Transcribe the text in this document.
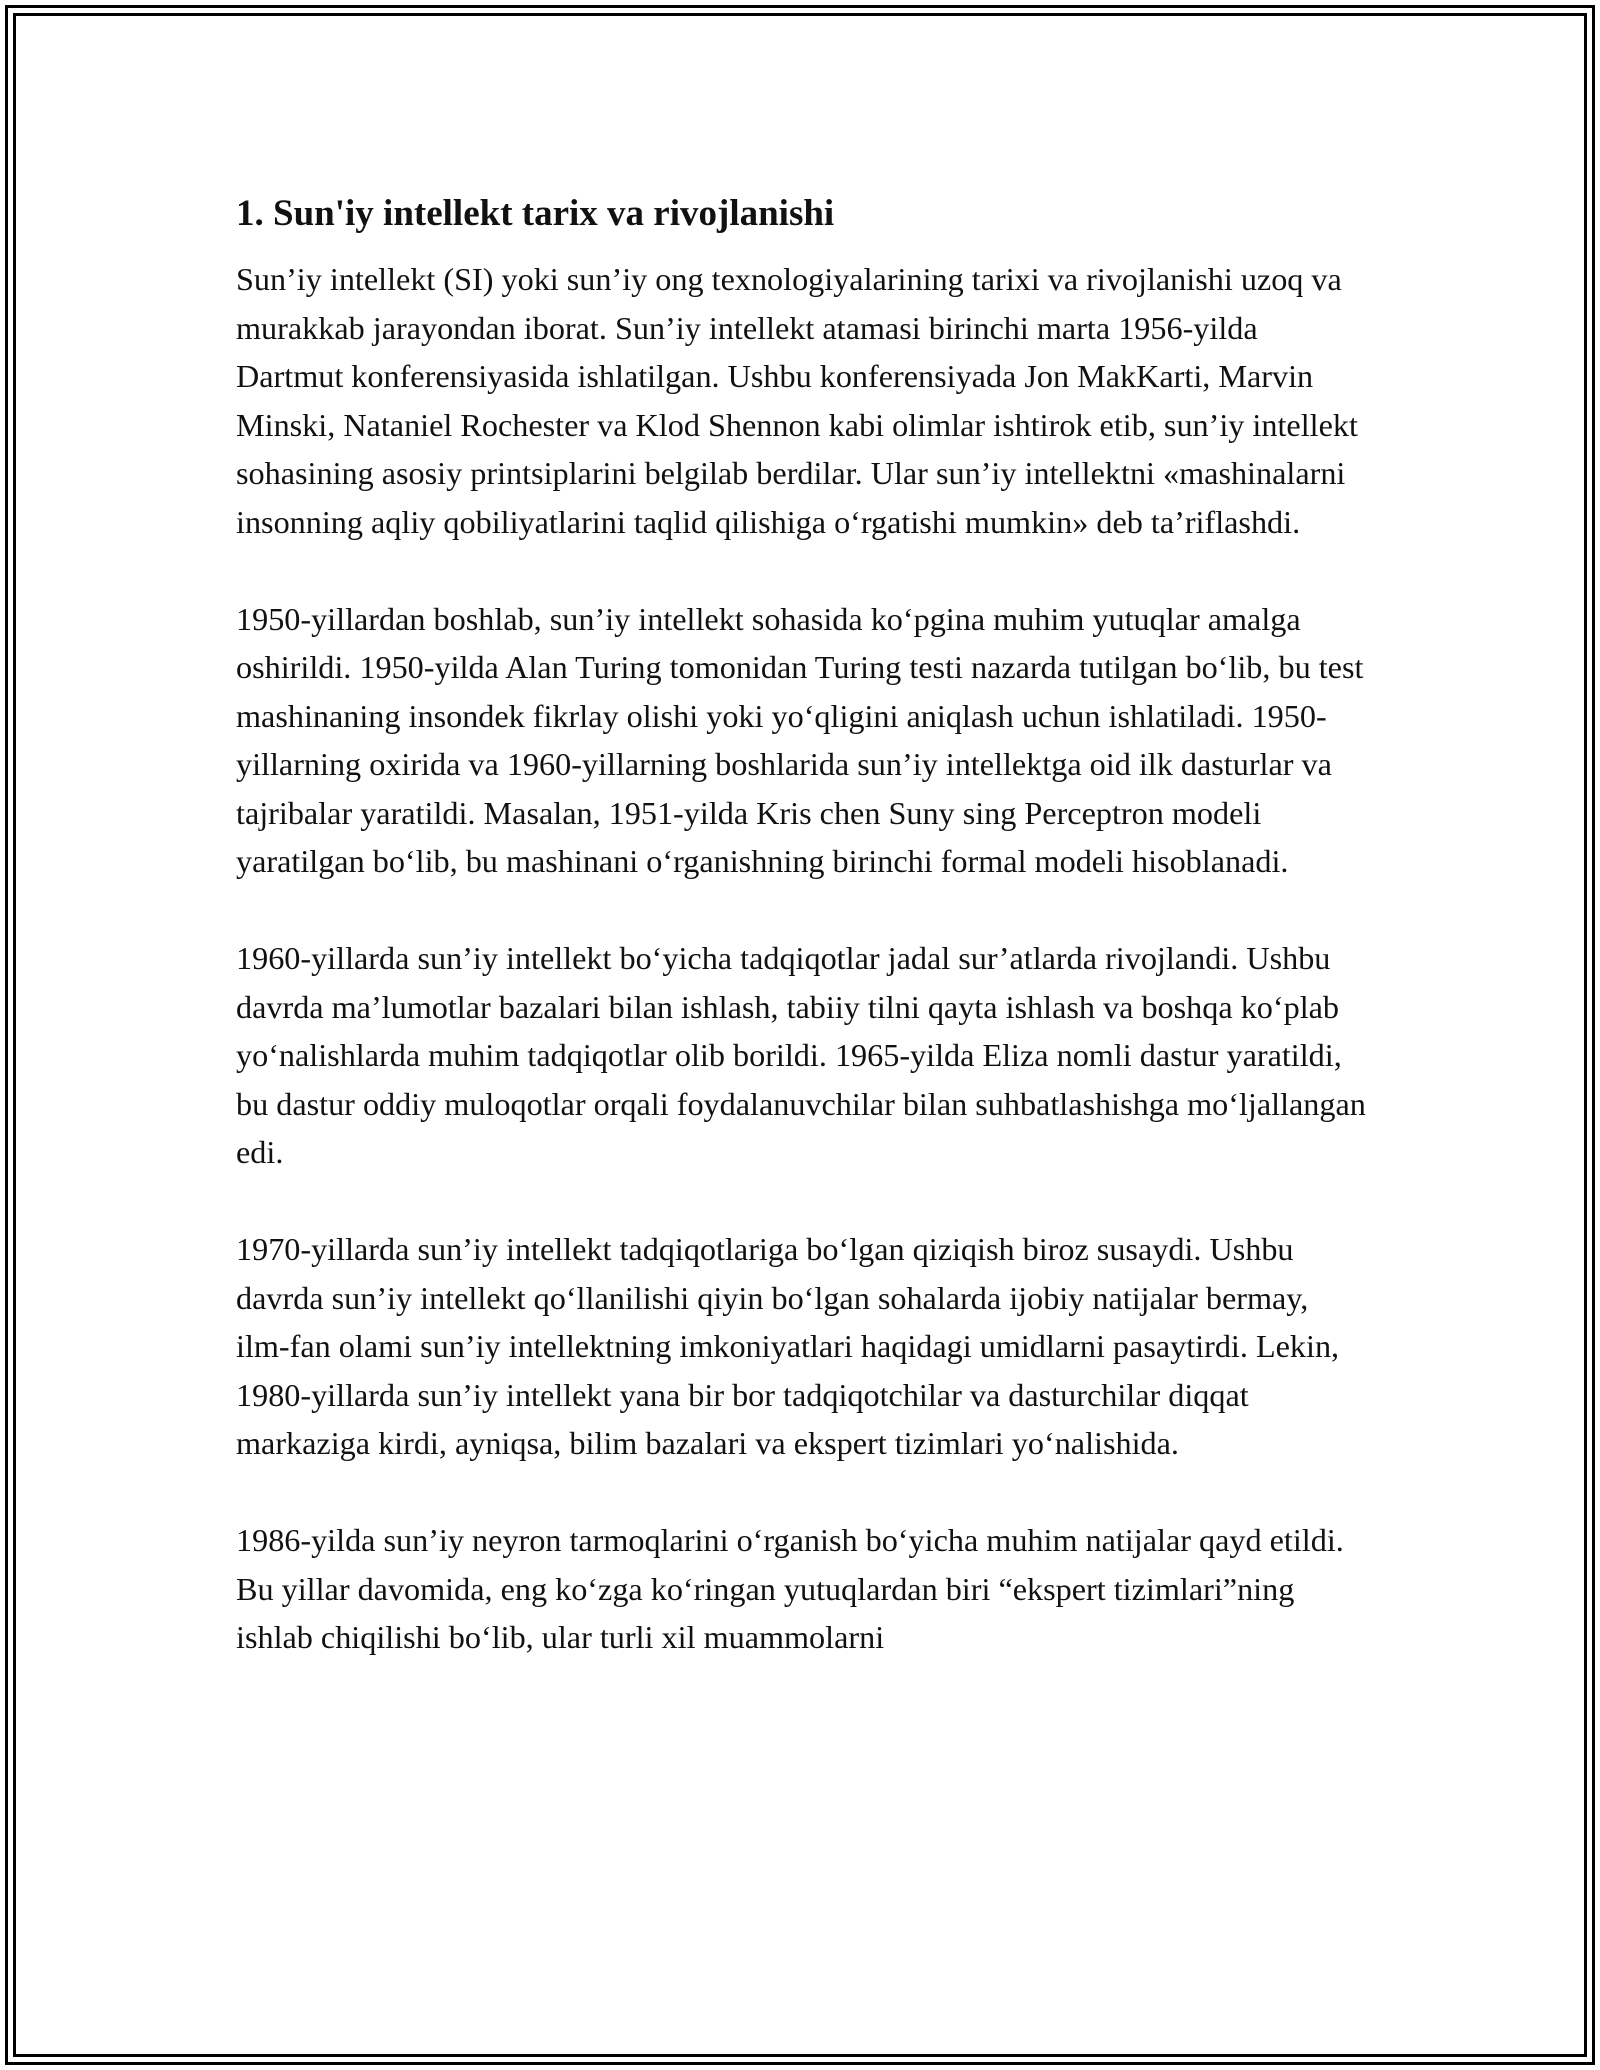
1. Sun'iy intellekt tarix va rivojlanishi

Sun’iy intellekt (SI) yoki sun’iy ong texnologiyalarining tarixi va rivojlanishi uzoq va murakkab jarayondan iborat. Sun’iy intellekt atamasi birinchi marta 1956-yilda Dartmut konferensiyasida ishlatilgan. Ushbu konferensiyada Jon MakKarti, Marvin Minski, Nataniel Rochester va Klod Shennon kabi olimlar ishtirok etib, sun’iy intellekt sohasining asosiy printsiplarini belgilab berdilar. Ular sun’iy intellektni «mashinalarni insonning aqliy qobiliyatlarini taqlid qilishiga o‘rgatishi mumkin» deb ta’riflashdi.

1950-yillardan boshlab, sun’iy intellekt sohasida ko‘pgina muhim yutuqlar amalga oshirildi. 1950-yilda Alan Turing tomonidan Turing testi nazarda tutilgan bo‘lib, bu test mashinaning insondek fikrlay olishi yoki yo‘qligini aniqlash uchun ishlatiladi. 1950-yillarning oxirida va 1960-yillarning boshlarida sun’iy intellektga oid ilk dasturlar va tajribalar yaratildi. Masalan, 1951-yilda Kris chen Suny sing Perceptron modeli yaratilgan bo‘lib, bu mashinani o‘rganishning birinchi formal modeli hisoblanadi.

1960-yillarda sun’iy intellekt bo‘yicha tadqiqotlar jadal sur’atlarda rivojlandi. Ushbu davrda ma’lumotlar bazalari bilan ishlash, tabiiy tilni qayta ishlash va boshqa ko‘plab yo‘nalishlarda muhim tadqiqotlar olib borildi. 1965-yilda Eliza nomli dastur yaratildi, bu dastur oddiy muloqotlar orqali foydalanuvchilar bilan suhbatlashishga mo‘ljallangan edi.

1970-yillarda sun’iy intellekt tadqiqotlariga bo‘lgan qiziqish biroz susaydi. Ushbu davrda sun’iy intellekt qo‘llanilishi qiyin bo‘lgan sohalarda ijobiy natijalar bermay, ilm-fan olami sun’iy intellektning imkoniyatlari haqidagi umidlarni pasaytirdi. Lekin, 1980-yillarda sun’iy intellekt yana bir bor tadqiqotchilar va dasturchilar diqqat markaziga kirdi, ayniqsa, bilim bazalari va ekspert tizimlari yo‘nalishida.

1986-yilda sun’iy neyron tarmoqlarini o‘rganish bo‘yicha muhim natijalar qayd etildi. Bu yillar davomida, eng ko‘zga ko‘ringan yutuqlardan biri “ekspert tizimlari”ning ishlab chiqilishi bo‘lib, ular turli xil muammolarni
